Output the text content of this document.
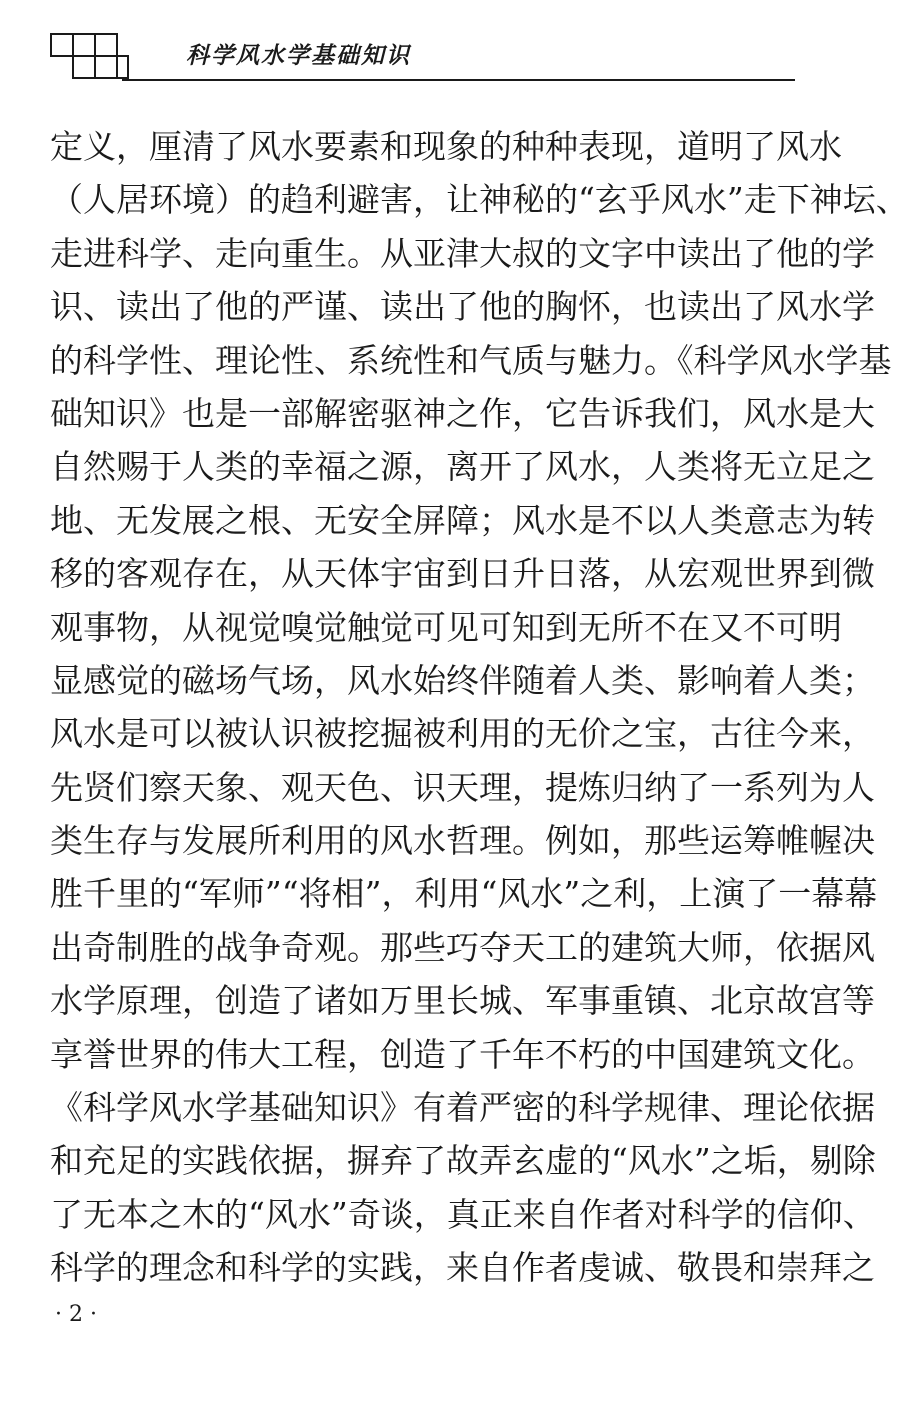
科学风水学基础知识
定义，厘清了风水要素和现象的种种表现，道明了风水
（人居环境）的趋利避害，让神秘的“玄乎风水”走下神坛、
走进科学、走向重生。从亚津大叔的文字中读出了他的学
识、读出了他的严谨、读出了他的胸怀，也读出了风水学
的科学性、理论性、系统性和气质与魅力。《科学风水学基
础知识》也是一部解密驱神之作，它告诉我们，风水是大
自然赐于人类的幸福之源，离开了风水，人类将无立足之
地、无发展之根、无安全屏障；风水是不以人类意志为转
移的客观存在，从天体宇宙到日升日落，从宏观世界到微
观事物，从视觉嗅觉触觉可见可知到无所不在又不可明
显感觉的磁场气场，风水始终伴随着人类、影响着人类；
风水是可以被认识被挖掘被利用的无价之宝，古往今来，
先贤们察天象、观天色、识天理，提炼归纳了一系列为人
类生存与发展所利用的风水哲理。例如，那些运筹帷幄决
胜千里的“军师”“将相”，利用“风水”之利，上演了一幕幕
出奇制胜的战争奇观。那些巧夺天工的建筑大师，依据风
水学原理，创造了诸如万里长城、军事重镇、北京故宫等
享誉世界的伟大工程，创造了千年不朽的中国建筑文化。
《科学风水学基础知识》有着严密的科学规律、理论依据
和充足的实践依据，摒弃了故弄玄虚的“风水”之垢，剔除
了无本之木的“风水”奇谈，真正来自作者对科学的信仰、
科学的理念和科学的实践，来自作者虔诚、敬畏和崇拜之
· 2 ·
